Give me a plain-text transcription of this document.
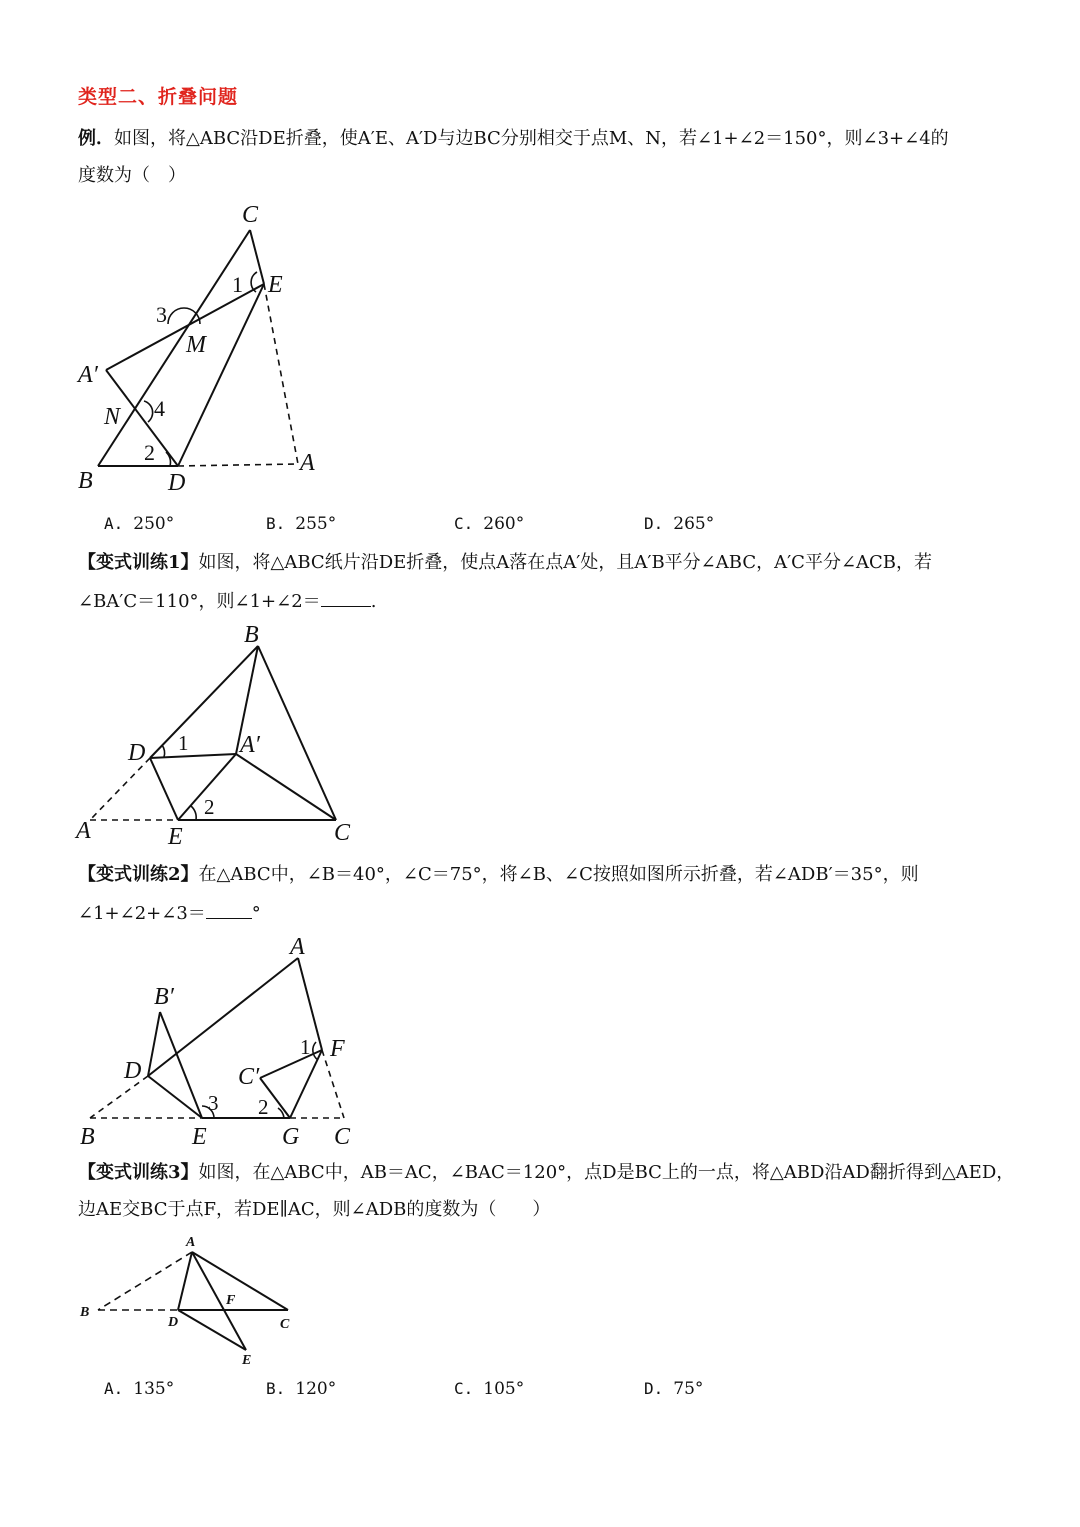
类型二、折叠问题
例．如图，将△ABC沿DE折叠，使A′E、A′D与边BC分别相交于点M、N，若∠1+∠2＝150°，则∠3+∠4的
度数为（　）
C
E
M
A′
N
B	D
A
1
3
4
2
A. 250°	B. 255°	C. 260°	D. 265°
【变式训练1】如图，将△ABC纸片沿DE折叠，使点A落在点A′处，且A′B平分∠ABC，A′C平分∠ACB，若
∠BA′C＝110°，则∠1+∠2＝	.
B
D	A′
A	E	C
1
2
【变式训练2】在△ABC中，∠B＝40°，∠C＝75°，将∠B、∠C按照如图所示折叠，若∠ADB′＝35°，则
∠1+∠2+∠3＝	°
A
B′
D
F
C′
B	E	G C
1
2
3
【变式训练3】如图，在△ABC中，AB＝AC，∠BAC＝120°，点D是BC上的一点，将△ABD沿AD翻折得到△AED，
边AE交BC于点F，若DE∥AC，则∠ADB的度数为（　　）
A
B
F
D	C
E
A. 135°	B. 120°	C. 105°	D. 75°
